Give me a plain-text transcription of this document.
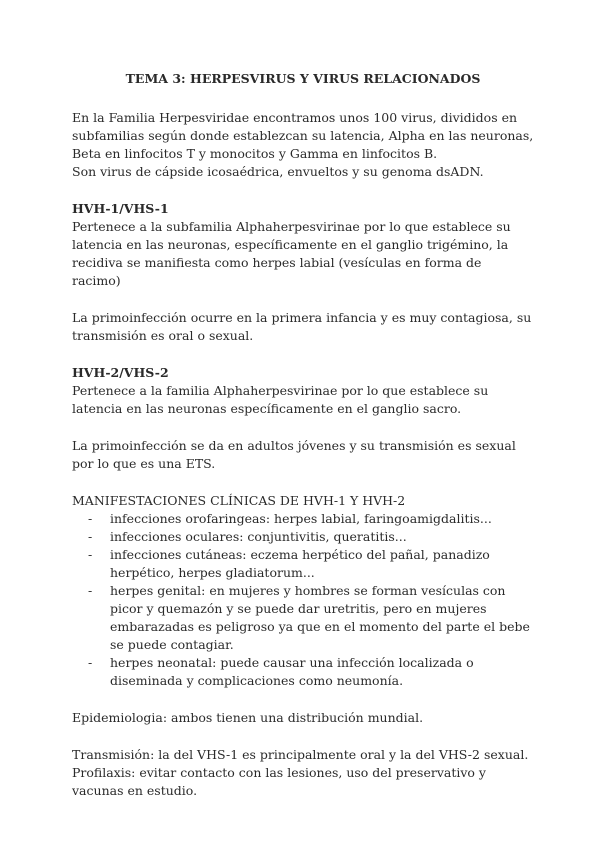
TEMA 3: HERPESVIRUS Y VIRUS RELACIONADOS

En la Familia Herpesviridae encontramos unos 100 virus, divididos en subfamilias según donde establezcan su latencia, Alpha en las neuronas, Beta en linfocitos T y monocitos y Gamma en linfocitos B.

Son virus de cápside icosaédrica, envueltos y su genoma dsADN.

HVH-1/VHS-1

Pertenece a la subfamilia Alphaherpesvirinae por lo que establece su latencia en las neuronas, específicamente en el ganglio trigémino, la recidiva se manifiesta como herpes labial (vesículas en forma de racimo)

La primoinfección ocurre en la primera infancia y es muy contagiosa, su transmisión es oral o sexual.

HVH-2/VHS-2

Pertenece a la familia Alphaherpesvirinae por lo que establece su latencia en las neuronas específicamente en el ganglio sacro.

La primoinfección se da en adultos jóvenes y su transmisión es sexual por lo que es una ETS.

MANIFESTACIONES CLÍNICAS DE HVH-1 Y HVH-2

- infecciones orofaringeas: herpes labial, faringoamigdalitis...
- infecciones oculares: conjuntivitis, queratitis...
- infecciones cutáneas: eczema herpético del pañal, panadizo herpético, herpes gladiatorum...
- herpes genital: en mujeres y hombres se forman vesículas con picor y quemazón y se puede dar uretritis, pero en mujeres embarazadas es peligroso ya que en el momento del parte el bebe se puede contagiar.
- herpes neonatal: puede causar una infección localizada o diseminada y complicaciones como neumonía.

Epidemiologia: ambos tienen una distribución mundial.

Transmisión: la del VHS-1 es principalmente oral y la del VHS-2 sexual.

Profilaxis: evitar contacto con las lesiones, uso del preservativo y vacunas en estudio.
